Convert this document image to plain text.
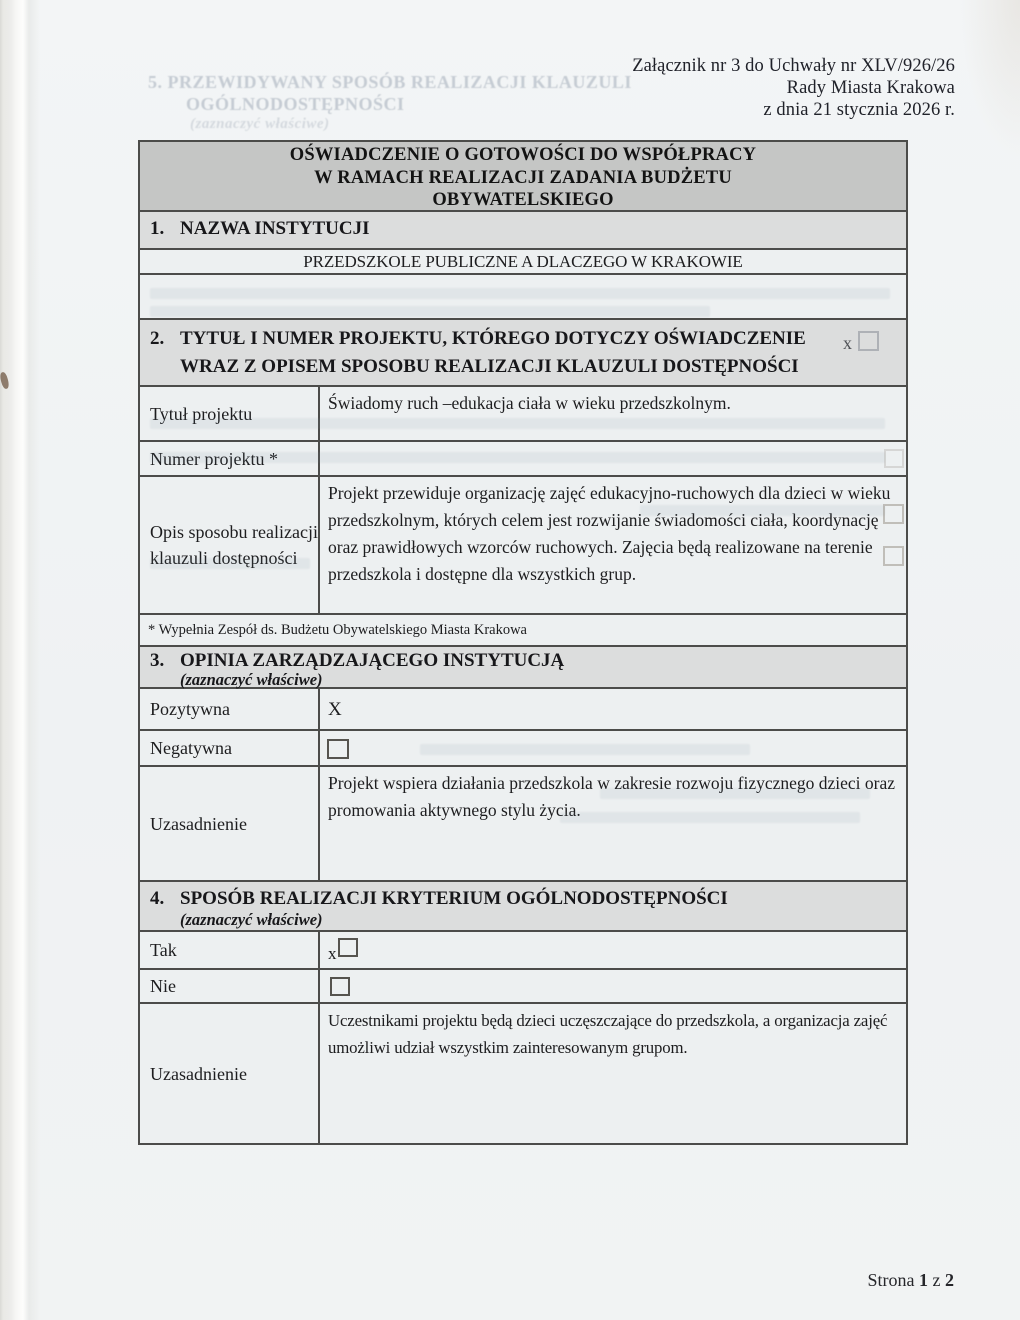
5. PRZEWIDYWANY SPOSÓB REALIZACJI KLAUZULI
OGÓLNODOSTĘPNOŚCI
(zaznaczyć właściwe)
x
Załącznik nr 3 do Uchwały nr XLV/926/26
Rady Miasta Krakowa
z dnia 21 stycznia 2026 r.
OŚWIADCZENIE O GOTOWOŚCI DO WSPÓŁPRACY
W RAMACH REALIZACJI ZADANIA BUDŻETU
OBYWATELSKIEGO
1. NAZWA INSTYTUCJI
PRZEDSZKOLE PUBLICZNE A DLACZEGO W KRAKOWIE
2. TYTUŁ I NUMER PROJEKTU, KTÓREGO DOTYCZY OŚWIADCZENIE
WRAZ Z OPISEM SPOSOBU REALIZACJI KLAUZULI DOSTĘPNOŚCI
Tytuł projektu
Świadomy ruch –edukacja ciała w wieku przedszkolnym.
Numer projektu *
Opis sposobu realizacji klauzuli dostępności
Projekt przewiduje organizację zajęć edukacyjno-ruchowych dla dzieci w wieku przedszkolnym, których celem jest rozwijanie świadomości ciała, koordynację oraz prawidłowych wzorców ruchowych. Zajęcia będą realizowane na terenie przedszkola i dostępne dla wszystkich grup.
* Wypełnia Zespół ds. Budżetu Obywatelskiego Miasta Krakowa
3. OPINIA ZARZĄDZAJĄCEGO INSTYTUCJĄ
(zaznaczyć właściwe)
Pozytywna	X
Negatywna
Uzasadnienie
Projekt wspiera działania przedszkola w zakresie rozwoju fizycznego dzieci oraz promowania aktywnego stylu życia.
4. SPOSÓB REALIZACJI KRYTERIUM OGÓLNODOSTĘPNOŚCI
(zaznaczyć właściwe)
Tak	x
Nie
Uzasadnienie
Uczestnikami projektu będą dzieci uczęszczające do przedszkola, a organizacja zajęć umożliwi udział wszystkim zainteresowanym grupom.
Strona 1 z 2
